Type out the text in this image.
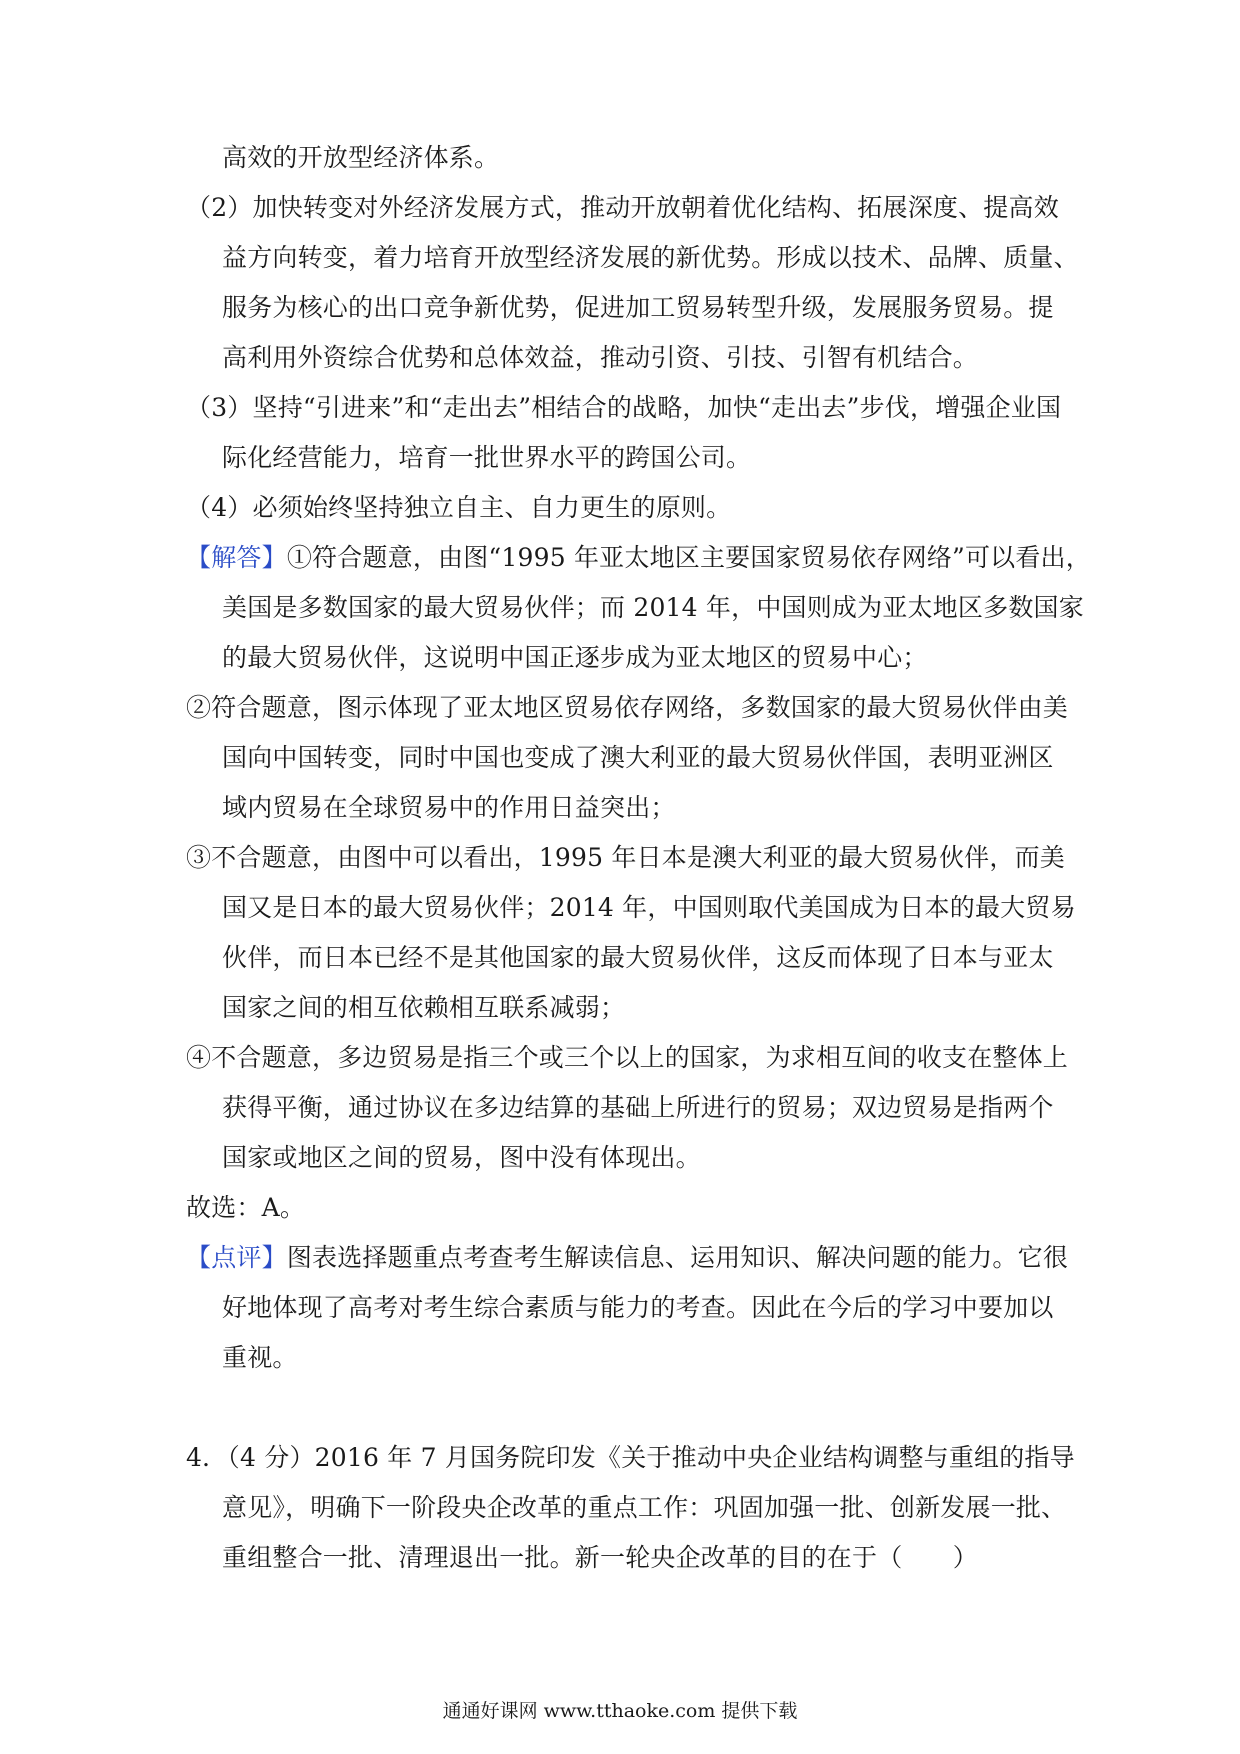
高效的开放型经济体系。
（2）加快转变对外经济发展方式，推动开放朝着优化结构、拓展深度、提高效
益方向转变，着力培育开放型经济发展的新优势。形成以技术、品牌、质量、
服务为核心的出口竞争新优势，促进加工贸易转型升级，发展服务贸易。提
高利用外资综合优势和总体效益，推动引资、引技、引智有机结合。
（3）坚持“引进来”和“走出去”相结合的战略，加快“走出去”步伐，增强企业国
际化经营能力，培育一批世界水平的跨国公司。
（4）必须始终坚持独立自主、自力更生的原则。
【解答】①符合题意，由图“1995 年亚太地区主要国家贸易依存网络”可以看出，
美国是多数国家的最大贸易伙伴；而 2014 年，中国则成为亚太地区多数国家
的最大贸易伙伴，这说明中国正逐步成为亚太地区的贸易中心；
②符合题意，图示体现了亚太地区贸易依存网络，多数国家的最大贸易伙伴由美
国向中国转变，同时中国也变成了澳大利亚的最大贸易伙伴国，表明亚洲区
域内贸易在全球贸易中的作用日益突出；
③不合题意，由图中可以看出，1995 年日本是澳大利亚的最大贸易伙伴，而美
国又是日本的最大贸易伙伴；2014 年，中国则取代美国成为日本的最大贸易
伙伴，而日本已经不是其他国家的最大贸易伙伴，这反而体现了日本与亚太
国家之间的相互依赖相互联系减弱；
④不合题意，多边贸易是指三个或三个以上的国家，为求相互间的收支在整体上
获得平衡，通过协议在多边结算的基础上所进行的贸易；双边贸易是指两个
国家或地区之间的贸易，图中没有体现出。
故选：A。
【点评】图表选择题重点考查考生解读信息、运用知识、解决问题的能力。它很
好地体现了高考对考生综合素质与能力的考查。因此在今后的学习中要加以
重视。
4．（4 分）2016 年 7 月国务院印发《关于推动中央企业结构调整与重组的指导
意见》，明确下一阶段央企改革的重点工作：巩固加强一批、创新发展一批、
重组整合一批、清理退出一批。新一轮央企改革的目的在于（　　）
通通好课网 www.tthaoke.com 提供下载
